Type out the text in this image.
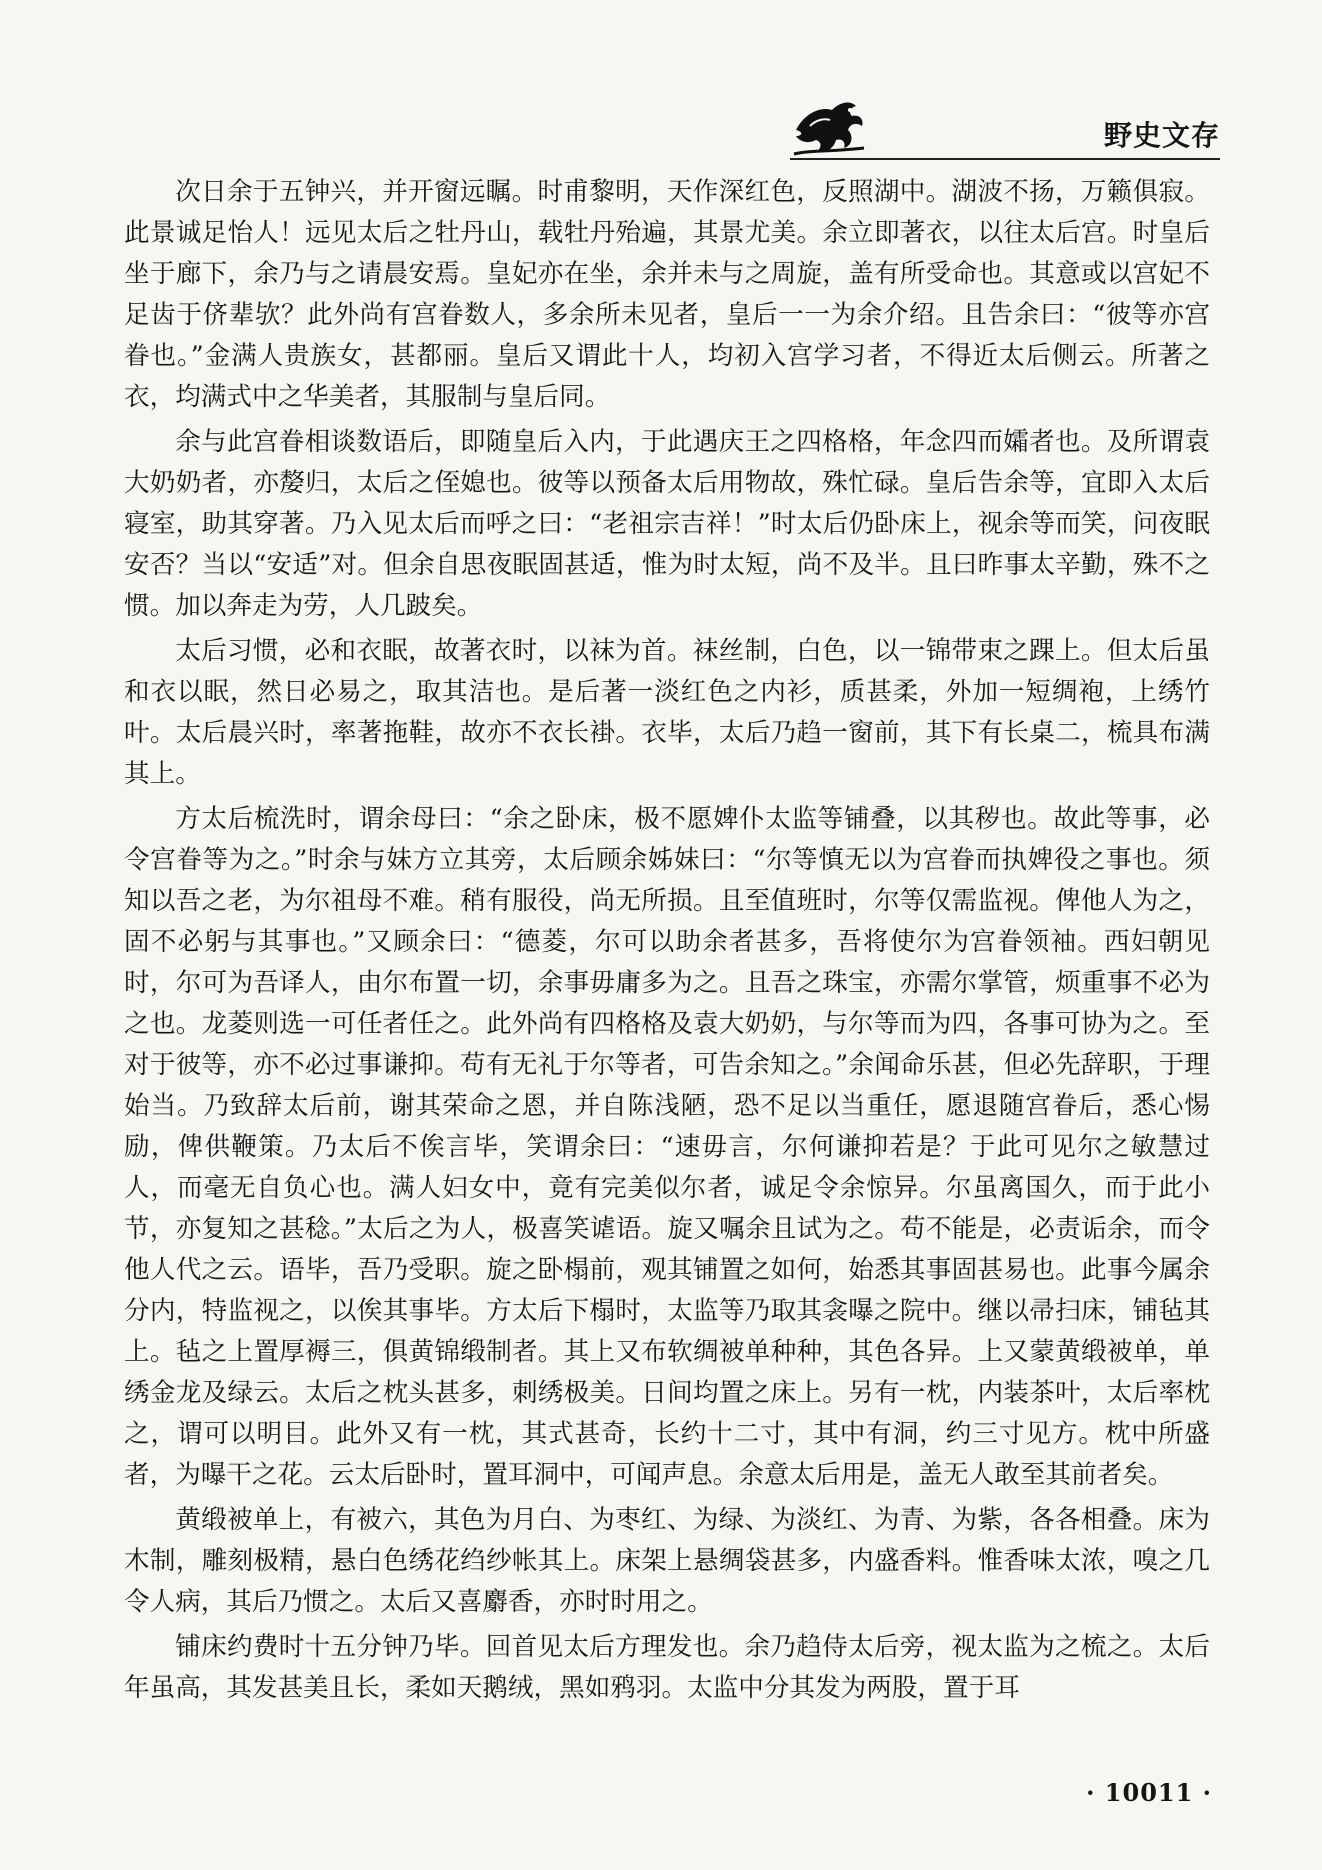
野史文存

次日余于五钟兴，并开窗远瞩。时甫黎明，天作深红色，反照湖中。湖波不扬，万籁俱寂。此景诚足怡人！远见太后之牡丹山，载牡丹殆遍，其景尤美。余立即著衣，以往太后宫。时皇后坐于廊下，余乃与之请晨安焉。皇妃亦在坐，余并未与之周旋，盖有所受命也。其意或以宫妃不足齿于侪辈欤？此外尚有宫眷数人，多余所未见者，皇后一一为余介绍。且告余曰：“彼等亦宫眷也。”金满人贵族女，甚都丽。皇后又谓此十人，均初入宫学习者，不得近太后侧云。所著之衣，均满式中之华美者，其服制与皇后同。

余与此宫眷相谈数语后，即随皇后入内，于此遇庆王之四格格，年念四而孀者也。及所谓袁大奶奶者，亦嫠归，太后之侄媳也。彼等以预备太后用物故，殊忙碌。皇后告余等，宜即入太后寝室，助其穿著。乃入见太后而呼之曰：“老祖宗吉祥！”时太后仍卧床上，视余等而笑，问夜眠安否？当以“安适”对。但余自思夜眠固甚适，惟为时太短，尚不及半。且曰昨事太辛勤，殊不之惯。加以奔走为劳，人几跛矣。

太后习惯，必和衣眠，故著衣时，以袜为首。袜丝制，白色，以一锦带束之踝上。但太后虽和衣以眠，然日必易之，取其洁也。是后著一淡红色之内衫，质甚柔，外加一短绸袍，上绣竹叶。太后晨兴时，率著拖鞋，故亦不衣长褂。衣毕，太后乃趋一窗前，其下有长桌二，梳具布满其上。

方太后梳洗时，谓余母曰：“余之卧床，极不愿婢仆太监等铺叠，以其秽也。故此等事，必令宫眷等为之。”时余与妹方立其旁，太后顾余姊妹曰：“尔等慎无以为宫眷而执婢役之事也。须知以吾之老，为尔祖母不难。稍有服役，尚无所损。且至值班时，尔等仅需监视。俾他人为之，固不必躬与其事也。”又顾余曰：“德菱，尔可以助余者甚多，吾将使尔为宫眷领袖。西妇朝见时，尔可为吾译人，由尔布置一切，余事毋庸多为之。且吾之珠宝，亦需尔掌管，烦重事不必为之也。龙菱则选一可任者任之。此外尚有四格格及袁大奶奶，与尔等而为四，各事可协为之。至对于彼等，亦不必过事谦抑。苟有无礼于尔等者，可告余知之。”余闻命乐甚，但必先辞职，于理始当。乃致辞太后前，谢其荣命之恩，并自陈浅陋，恐不足以当重任，愿退随宫眷后，悉心惕励，俾供鞭策。乃太后不俟言毕，笑谓余曰：“速毋言，尔何谦抑若是？于此可见尔之敏慧过人，而毫无自负心也。满人妇女中，竟有完美似尔者，诚足令余惊异。尔虽离国久，而于此小节，亦复知之甚稔。”太后之为人，极喜笑谑语。旋又嘱余且试为之。苟不能是，必责诟余，而令他人代之云。语毕，吾乃受职。旋之卧榻前，观其铺置之如何，始悉其事固甚易也。此事今属余分内，特监视之，以俟其事毕。方太后下榻时，太监等乃取其衾曝之院中。继以帚扫床，铺毡其上。毡之上置厚褥三，俱黄锦缎制者。其上又布软绸被单种种，其色各异。上又蒙黄缎被单，单绣金龙及绿云。太后之枕头甚多，刺绣极美。日间均置之床上。另有一枕，内装茶叶，太后率枕之，谓可以明目。此外又有一枕，其式甚奇，长约十二寸，其中有洞，约三寸见方。枕中所盛者，为曝干之花。云太后卧时，置耳洞中，可闻声息。余意太后用是，盖无人敢至其前者矣。

黄缎被单上，有被六，其色为月白、为枣红、为绿、为淡红、为青、为紫，各各相叠。床为木制，雕刻极精，悬白色绣花绉纱帐其上。床架上悬绸袋甚多，内盛香料。惟香味太浓，嗅之几令人病，其后乃惯之。太后又喜麝香，亦时时用之。

铺床约费时十五分钟乃毕。回首见太后方理发也。余乃趋侍太后旁，视太监为之梳之。太后年虽高，其发甚美且长，柔如天鹅绒，黑如鸦羽。太监中分其发为两股，置于耳

· 10011 ·
